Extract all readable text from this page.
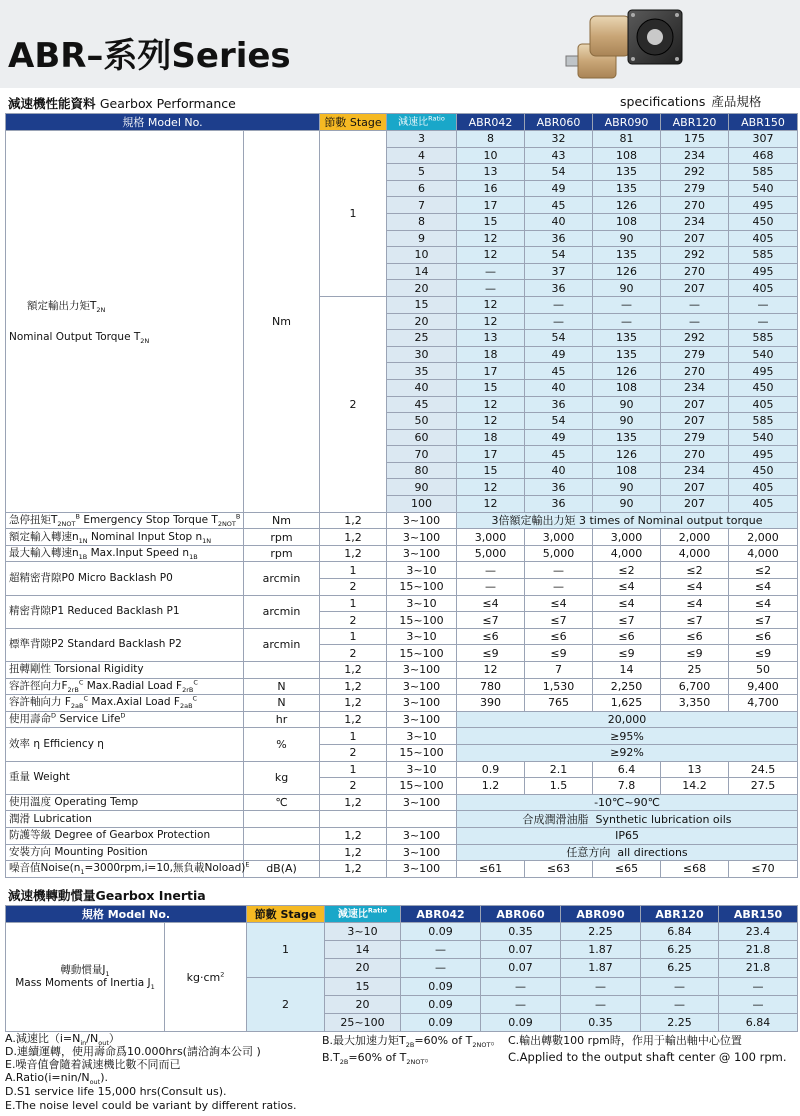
ABR–系列Series
減速機性能資料 Gearbox Performance	specifications 產品規格
規格 Model No.		節數 Stage	減速比$^{Ratio}$	ABR042	ABR060	ABR090	ABR120	ABR150

額定輸出力矩$T_{2N}$

Nominal Output Torque $T_{2N}$	Nm	1	3	8	32	81	175	307
			4	10	43	108	234	468
			5	13	54	135	292	585
			6	16	49	135	279	540
			7	17	45	126	270	495
			8	15	40	108	234	450
			9	12	36	90	207	405
			10	12	54	135	292	585
			14	—	37	126	270	495
			20	—	36	90	207	405
		2	15	12	—	—	—	—
			20	12	—	—	—	—
			25	13	54	135	292	585
			30	18	49	135	279	540
			35	17	45	126	270	495
			40	15	40	108	234	450
			45	12	36	90	207	405
			50	12	54	90	207	585
			60	18	49	135	279	540
			70	17	45	126	270	495
			80	15	40	108	234	450
			90	12	36	90	207	405
			100	12	36	90	207	405
急停扭矩$T_{2NOT}^B$ Emergency Stop Torque $T_{2NOT}^B$	Nm	1,2	3~100	3倍額定輸出力矩 3 times of Nominal output torque				
額定輸入轉速$n_{1N}$ Nominal Input Stop $n_{1N}$	rpm	1,2	3~100	3,000	3,000	3,000	2,000	2,000
最大輸入轉速$n_{1B}$ Max.Input Speed $n_{1B}$	rpm	1,2	3~100	5,000	5,000	4,000	4,000	4,000
超精密背隙P0 Micro Backlash P0	arcmin	1	3~10	—	—	≤2	≤2	≤2
		2	15~100	—	—	≤4	≤4	≤4
精密背隙P1 Reduced Backlash P1	arcmin	1	3~10	≤4	≤4	≤4	≤4	≤4
		2	15~100	≤7	≤7	≤7	≤7	≤7
標準背隙P2 Standard Backlash P2	arcmin	1	3~10	≤6	≤6	≤6	≤6	≤6
		2	15~100	≤9	≤9	≤9	≤9	≤9
扭轉剛性 Torsional Rigidity		1,2	3~100	12	7	14	25	50
容許徑向力$F_{2rB}^C$ Max.Radial Load $F_{2rB}^C$	N	1,2	3~100	780	1,530	2,250	6,700	9,400
容許軸向力 $F_{2aB}^C$ Max.Axial Load $F_{2aB}^C$	N	1,2	3~100	390	765	1,625	3,350	4,700
使用壽命$^D$ Service Life$^D$	hr	1,2	3~100	20,000				
效率 η Efficiency η	%	1	3~10	≥95%				
		2	15~100	≥92%				
重量 Weight	kg	1	3~10	0.9	2.1	6.4	13	24.5
		2	15~100	1.2	1.5	7.8	14.2	27.5
使用溫度 Operating Temp	℃	1,2	3~100	-10℃~90℃				
潤滑 Lubrication				合成潤滑油脂 Synthetic lubrication oils				
防護等級 Degree of Gearbox Protection		1,2	3~100	IP65				
安裝方向 Mounting Position		1,2	3~100	任意方向 all directions				
噪音值$Noise(n_1=3000rpm,i=10$,無負載Noload)$^E$	dB(A)	1,2	3~100	≤61	≤63	≤65	≤68	≤70
減速機轉動慣量Gearbox Inertia
規格 Model No.		節數 Stage	減速比$^{Ratio}$	ABR042	ABR060	ABR090	ABR120	ABR150
轉動慣量$J_1$
Mass Moments of Inertia $J_1$	$kg\cdot cm^2$	1	3~10	0.09	0.35	2.25	6.84	23.4
			14	—	0.07	1.87	6.25	21.8
			20	—	0.07	1.87	6.25	21.8
		2	15	0.09	—	—	—	—
			20	0.09	—	—	—	—
			25~100	0.09	0.09	0.35	2.25	6.84
A.減速比$(i=N_{in}/N_{out})$	B.最大加速力矩$T_{2B}=60\%$ of $T_{2NOT}$。 C.輸出轉數100 rpm時，作用于輸出軸中心位置
D.連續運轉，使用壽命爲10.000hrs(請洽詢本公司 )	$B.T_{2B}=60\%$ of $T_{2NOT}$。	C.Applied to the output shaft center @ 100 rpm.
E.噪音值會隨着減速機比數不同而已
$A.Ratio(i=nin/N_{out})$.
D.S1 service life 15,000 hrs(Consult us).
E.The noise level could be variant by different ratios.
